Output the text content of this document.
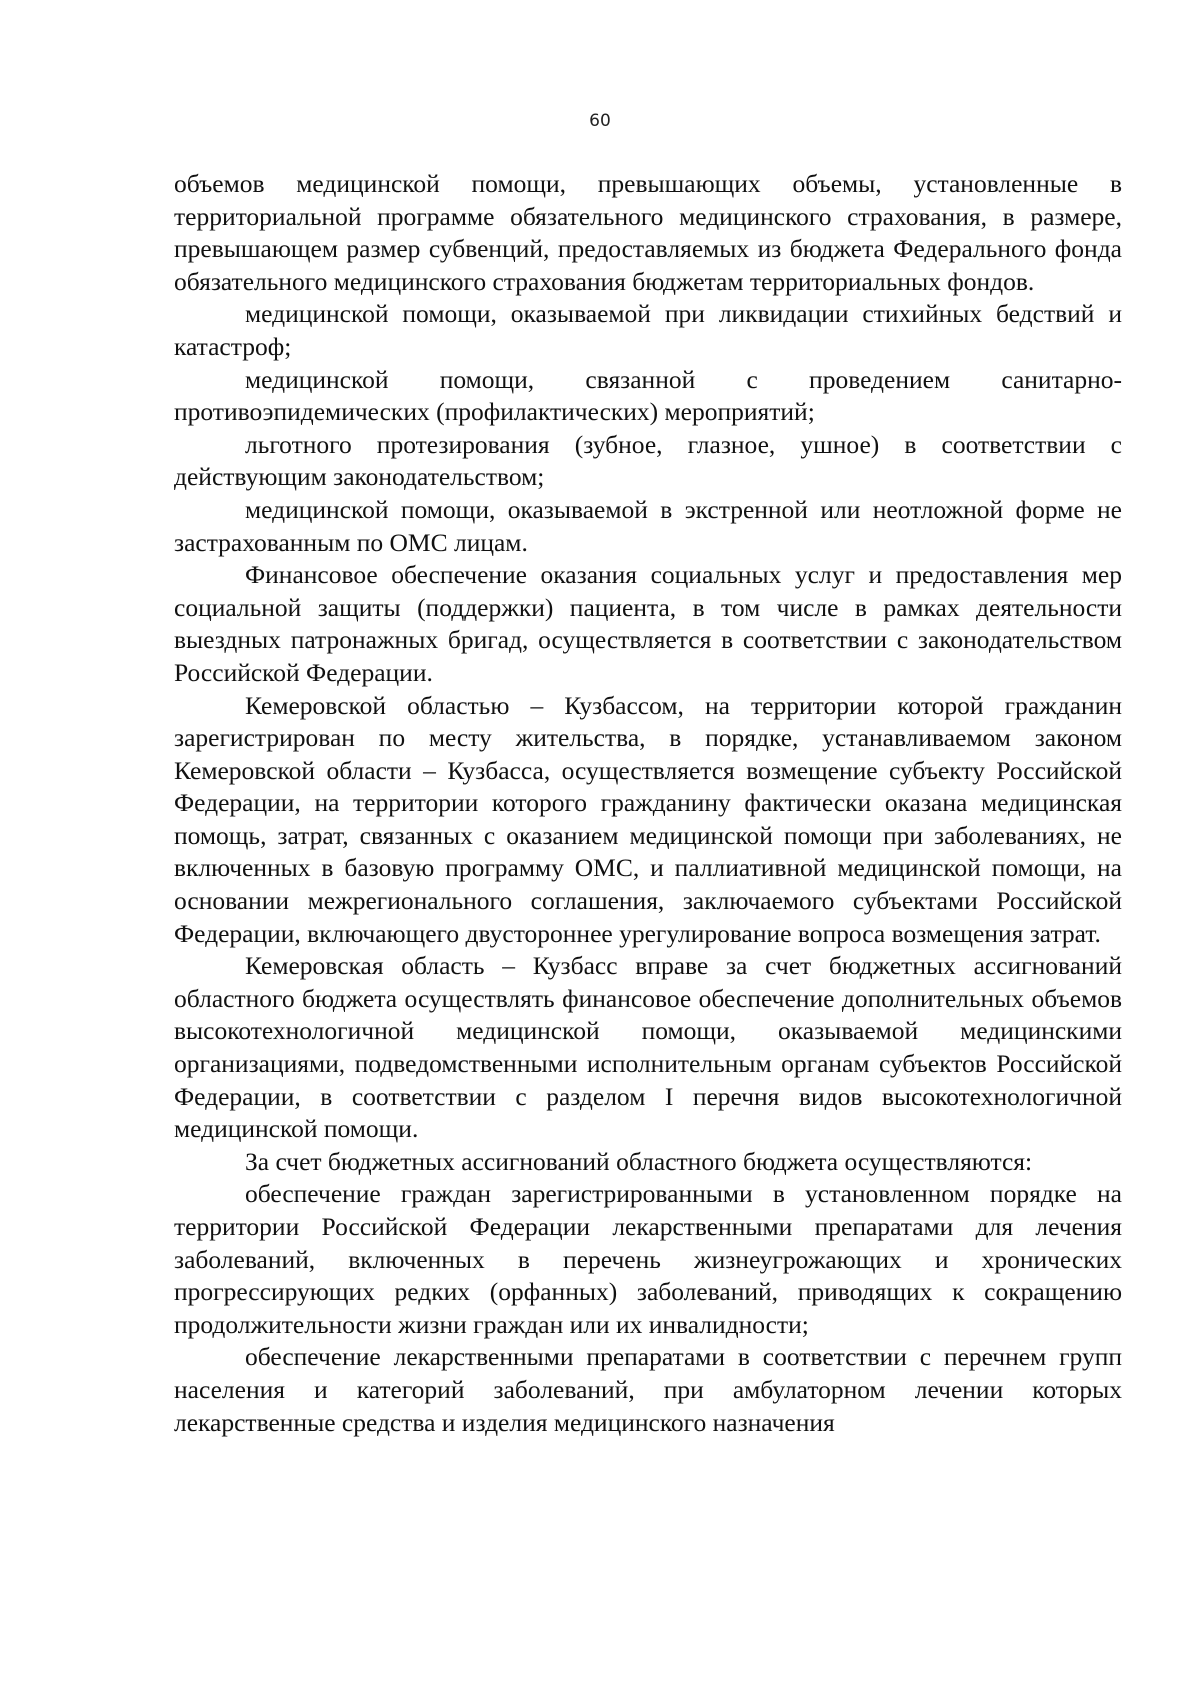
60

объемов медицинской помощи, превышающих объемы, установленные в территориальной программе обязательного медицинского страхования, в размере, превышающем размер субвенций, предоставляемых из бюджета Федерального фонда обязательного медицинского страхования бюджетам территориальных фондов.

медицинской помощи, оказываемой при ликвидации стихийных бедствий и катастроф;

медицинской помощи, связанной с проведением санитарно-противоэпидемических (профилактических) мероприятий;

льготного протезирования (зубное, глазное, ушное) в соответствии с действующим законодательством;

медицинской помощи, оказываемой в экстренной или неотложной форме не застрахованным по ОМС лицам.

Финансовое обеспечение оказания социальных услуг и предоставления мер социальной защиты (поддержки) пациента, в том числе в рамках деятельности выездных патронажных бригад, осуществляется в соответствии с законодательством Российской Федерации.

Кемеровской областью – Кузбассом, на территории которой гражданин зарегистрирован по месту жительства, в порядке, устанавливаемом законом Кемеровской области – Кузбасса, осуществляется возмещение субъекту Российской Федерации, на территории которого гражданину фактически оказана медицинская помощь, затрат, связанных с оказанием медицинской помощи при заболеваниях, не включенных в базовую программу ОМС, и паллиативной медицинской помощи, на основании межрегионального соглашения, заключаемого субъектами Российской Федерации, включающего двустороннее урегулирование вопроса возмещения затрат.

Кемеровская область – Кузбасс вправе за счет бюджетных ассигнований областного бюджета осуществлять финансовое обеспечение дополнительных объемов высокотехнологичной медицинской помощи, оказываемой медицинскими организациями, подведомственными исполнительным органам субъектов Российской Федерации, в соответствии с разделом I перечня видов высокотехнологичной медицинской помощи.

За счет бюджетных ассигнований областного бюджета осуществляются:

обеспечение граждан зарегистрированными в установленном порядке на территории Российской Федерации лекарственными препаратами для лечения заболеваний, включенных в перечень жизнеугрожающих и хронических прогрессирующих редких (орфанных) заболеваний, приводящих к сокращению продолжительности жизни граждан или их инвалидности;

обеспечение лекарственными препаратами в соответствии с перечнем групп населения и категорий заболеваний, при амбулаторном лечении которых лекарственные средства и изделия медицинского назначения
